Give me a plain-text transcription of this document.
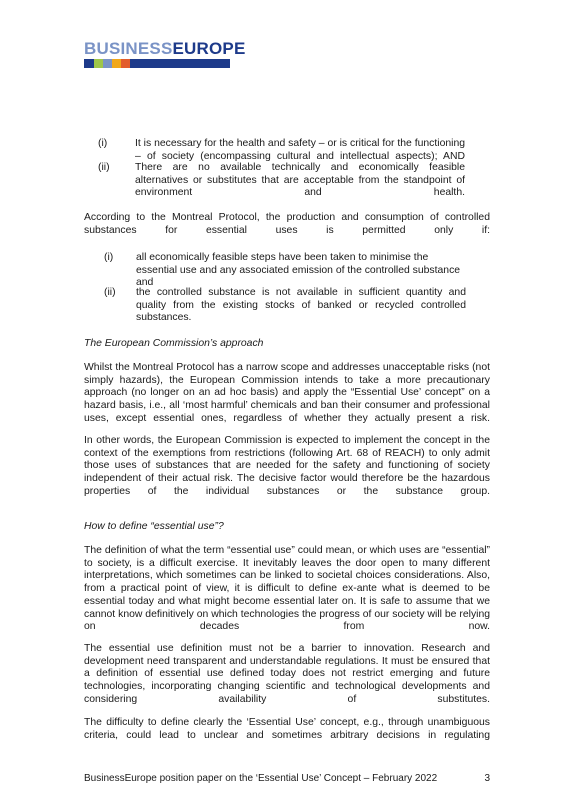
BUSINESSEUROPE
(i)	It is necessary for the health and safety – or is critical for the functioning – of society (encompassing cultural and intellectual aspects); AND
(ii) There are no available technically and economically feasible alternatives or substitutes that are acceptable from the standpoint of environment and health.
According to the Montreal Protocol, the production and consumption of controlled substances for essential uses is permitted only if:
(i) all economically feasible steps have been taken to minimise the essential use and any associated emission of the controlled substance and
(ii) the controlled substance is not available in sufficient quantity and quality from the existing stocks of banked or recycled controlled substances.
The European Commission’s approach
Whilst the Montreal Protocol has a narrow scope and addresses unacceptable risks (not simply hazards), the European Commission intends to take a more precautionary approach (no longer on an ad hoc basis) and apply the “Essential Use’ concept” on a hazard basis, i.e., all ‘most harmful’ chemicals and ban their consumer and professional uses, except essential ones, regardless of whether they actually present a risk.
In other words, the European Commission is expected to implement the concept in the context of the exemptions from restrictions (following Art. 68 of REACH) to only admit those uses of substances that are needed for the safety and functioning of society independent of their actual risk. The decisive factor would therefore be the hazardous properties of the individual substances or the substance group.
How to define “essential use”?
The definition of what the term “essential use” could mean, or which uses are “essential” to society, is a difficult exercise. It inevitably leaves the door open to many different interpretations, which sometimes can be linked to societal choices considerations. Also, from a practical point of view, it is difficult to define ex-ante what is deemed to be essential today and what might become essential later on. It is safe to assume that we cannot know definitively on which technologies the progress of our society will be relying on decades from now.
The essential use definition must not be a barrier to innovation. Research and development need transparent and understandable regulations. It must be ensured that a definition of essential use defined today does not restrict emerging and future technologies, incorporating changing scientific and technological developments and considering availability of substitutes.
The difficulty to define clearly the ‘Essential Use’ concept, e.g., through unambiguous criteria, could lead to unclear and sometimes arbitrary decisions in regulating
BusinessEurope position paper on the ‘Essential Use’ Concept – February 2022	3
